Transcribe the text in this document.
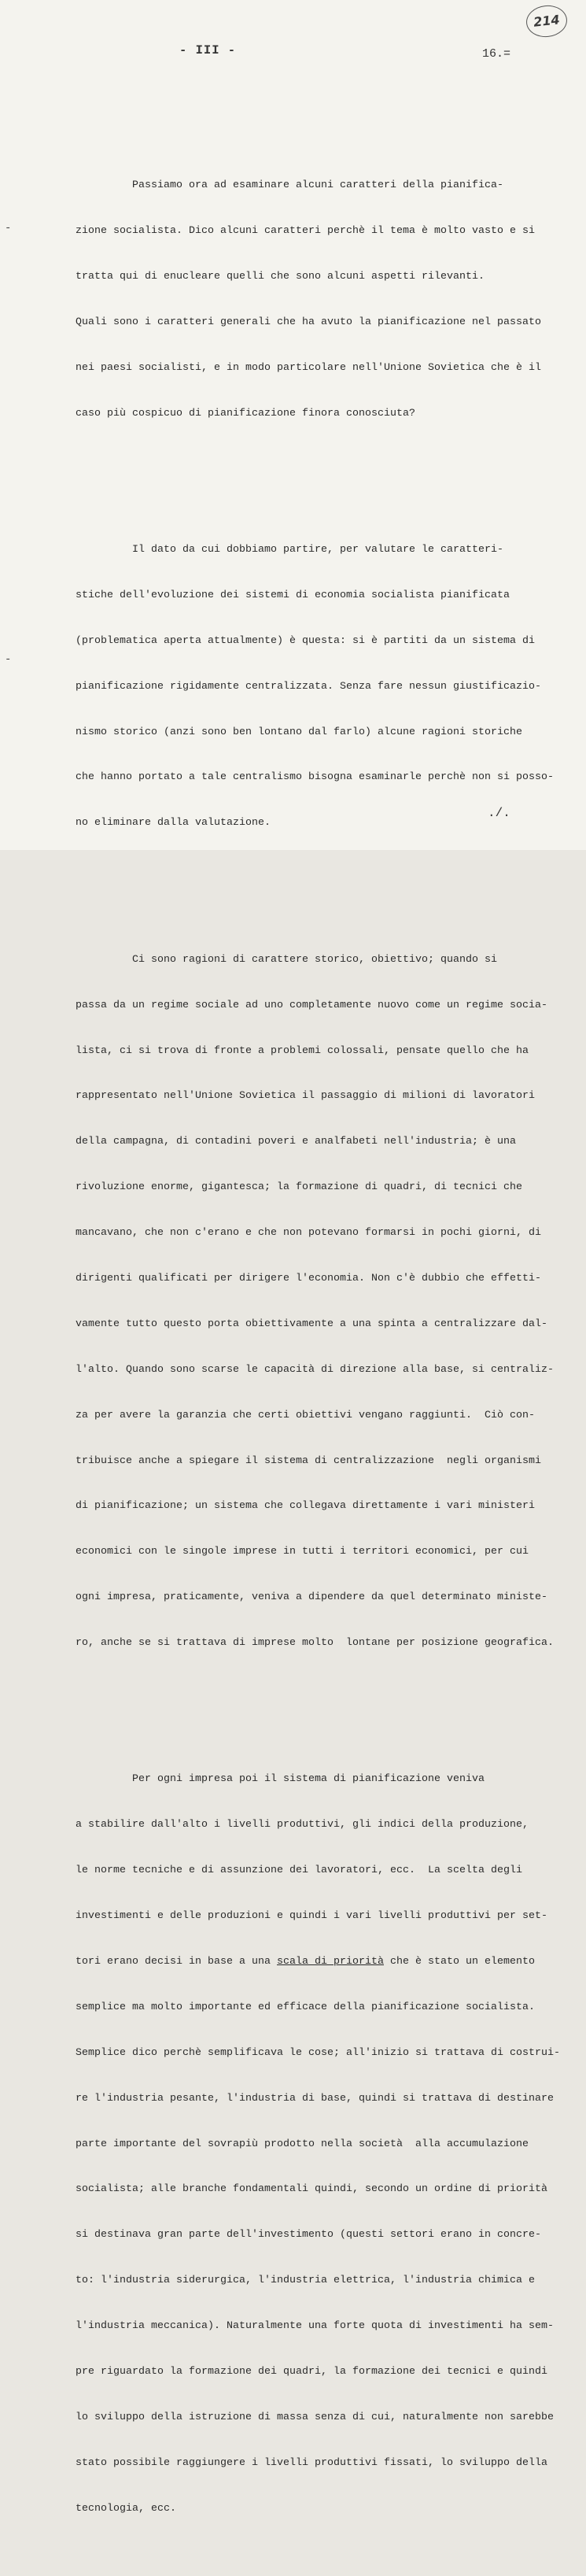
214
- III -	16.=
-
-

Passiamo ora ad esaminare alcuni caratteri della pianifica-

zione socialista. Dico alcuni caratteri perchè il tema è molto vasto e si

tratta qui di enucleare quelli che sono alcuni aspetti rilevanti.

Quali sono i caratteri generali che ha avuto la pianificazione nel passato

nei paesi socialisti, e in modo particolare nell'Unione Sovietica che è il

caso più cospicuo di pianificazione finora conosciuta?

Il dato da cui dobbiamo partire, per valutare le caratteri-

stiche dell'evoluzione dei sistemi di economia socialista pianificata

(problematica aperta attualmente) è questa: si è partiti da un sistema di

pianificazione rigidamente centralizzata. Senza fare nessun giustificazio-

nismo storico (anzi sono ben lontano dal farlo) alcune ragioni storiche

che hanno portato a tale centralismo bisogna esaminarle perchè non si posso-

no eliminare dalla valutazione.

Ci sono ragioni di carattere storico, obiettivo; quando si

passa da un regime sociale ad uno completamente nuovo come un regime socia-

lista, ci si trova di fronte a problemi colossali, pensate quello che ha

rappresentato nell'Unione Sovietica il passaggio di milioni di lavoratori

della campagna, di contadini poveri e analfabeti nell'industria; è una

rivoluzione enorme, gigantesca; la formazione di quadri, di tecnici che

mancavano, che non c'erano e che non potevano formarsi in pochi giorni, di

dirigenti qualificati per dirigere l'economia. Non c'è dubbio che effetti-

vamente tutto questo porta obiettivamente a una spinta a centralizzare dal-

l'alto. Quando sono scarse le capacità di direzione alla base, si centraliz-

za per avere la garanzia che certi obiettivi vengano raggiunti.  Ciò con-

tribuisce anche a spiegare il sistema di centralizzazione  negli organismi

di pianificazione; un sistema che collegava direttamente i vari ministeri

economici con le singole imprese in tutti i territori economici, per cui

ogni impresa, praticamente, veniva a dipendere da quel determinato ministe-

ro, anche se si trattava di imprese molto  lontane per posizione geografica.

Per ogni impresa poi il sistema di pianificazione veniva

a stabilire dall'alto i livelli produttivi, gli indici della produzione,

le norme tecniche e di assunzione dei lavoratori, ecc.  La scelta degli

investimenti e delle produzioni e quindi i vari livelli produttivi per set-

tori erano decisi in base a una scala di priorità che è stato un elemento

semplice ma molto importante ed efficace della pianificazione socialista.

Semplice dico perchè semplificava le cose; all'inizio si trattava di costrui-

re l'industria pesante, l'industria di base, quindi si trattava di destinare

parte importante del sovrapiù prodotto nella società  alla accumulazione

socialista; alle branche fondamentali quindi, secondo un ordine di priorità

si destinava gran parte dell'investimento (questi settori erano in concre-

to: l'industria siderurgica, l'industria elettrica, l'industria chimica e

l'industria meccanica). Naturalmente una forte quota di investimenti ha sem-

pre riguardato la formazione dei quadri, la formazione dei tecnici e quindi

lo sviluppo della istruzione di massa senza di cui, naturalmente non sarebbe

stato possibile raggiungere i livelli produttivi fissati, lo sviluppo della

tecnologia, ecc.

./.
